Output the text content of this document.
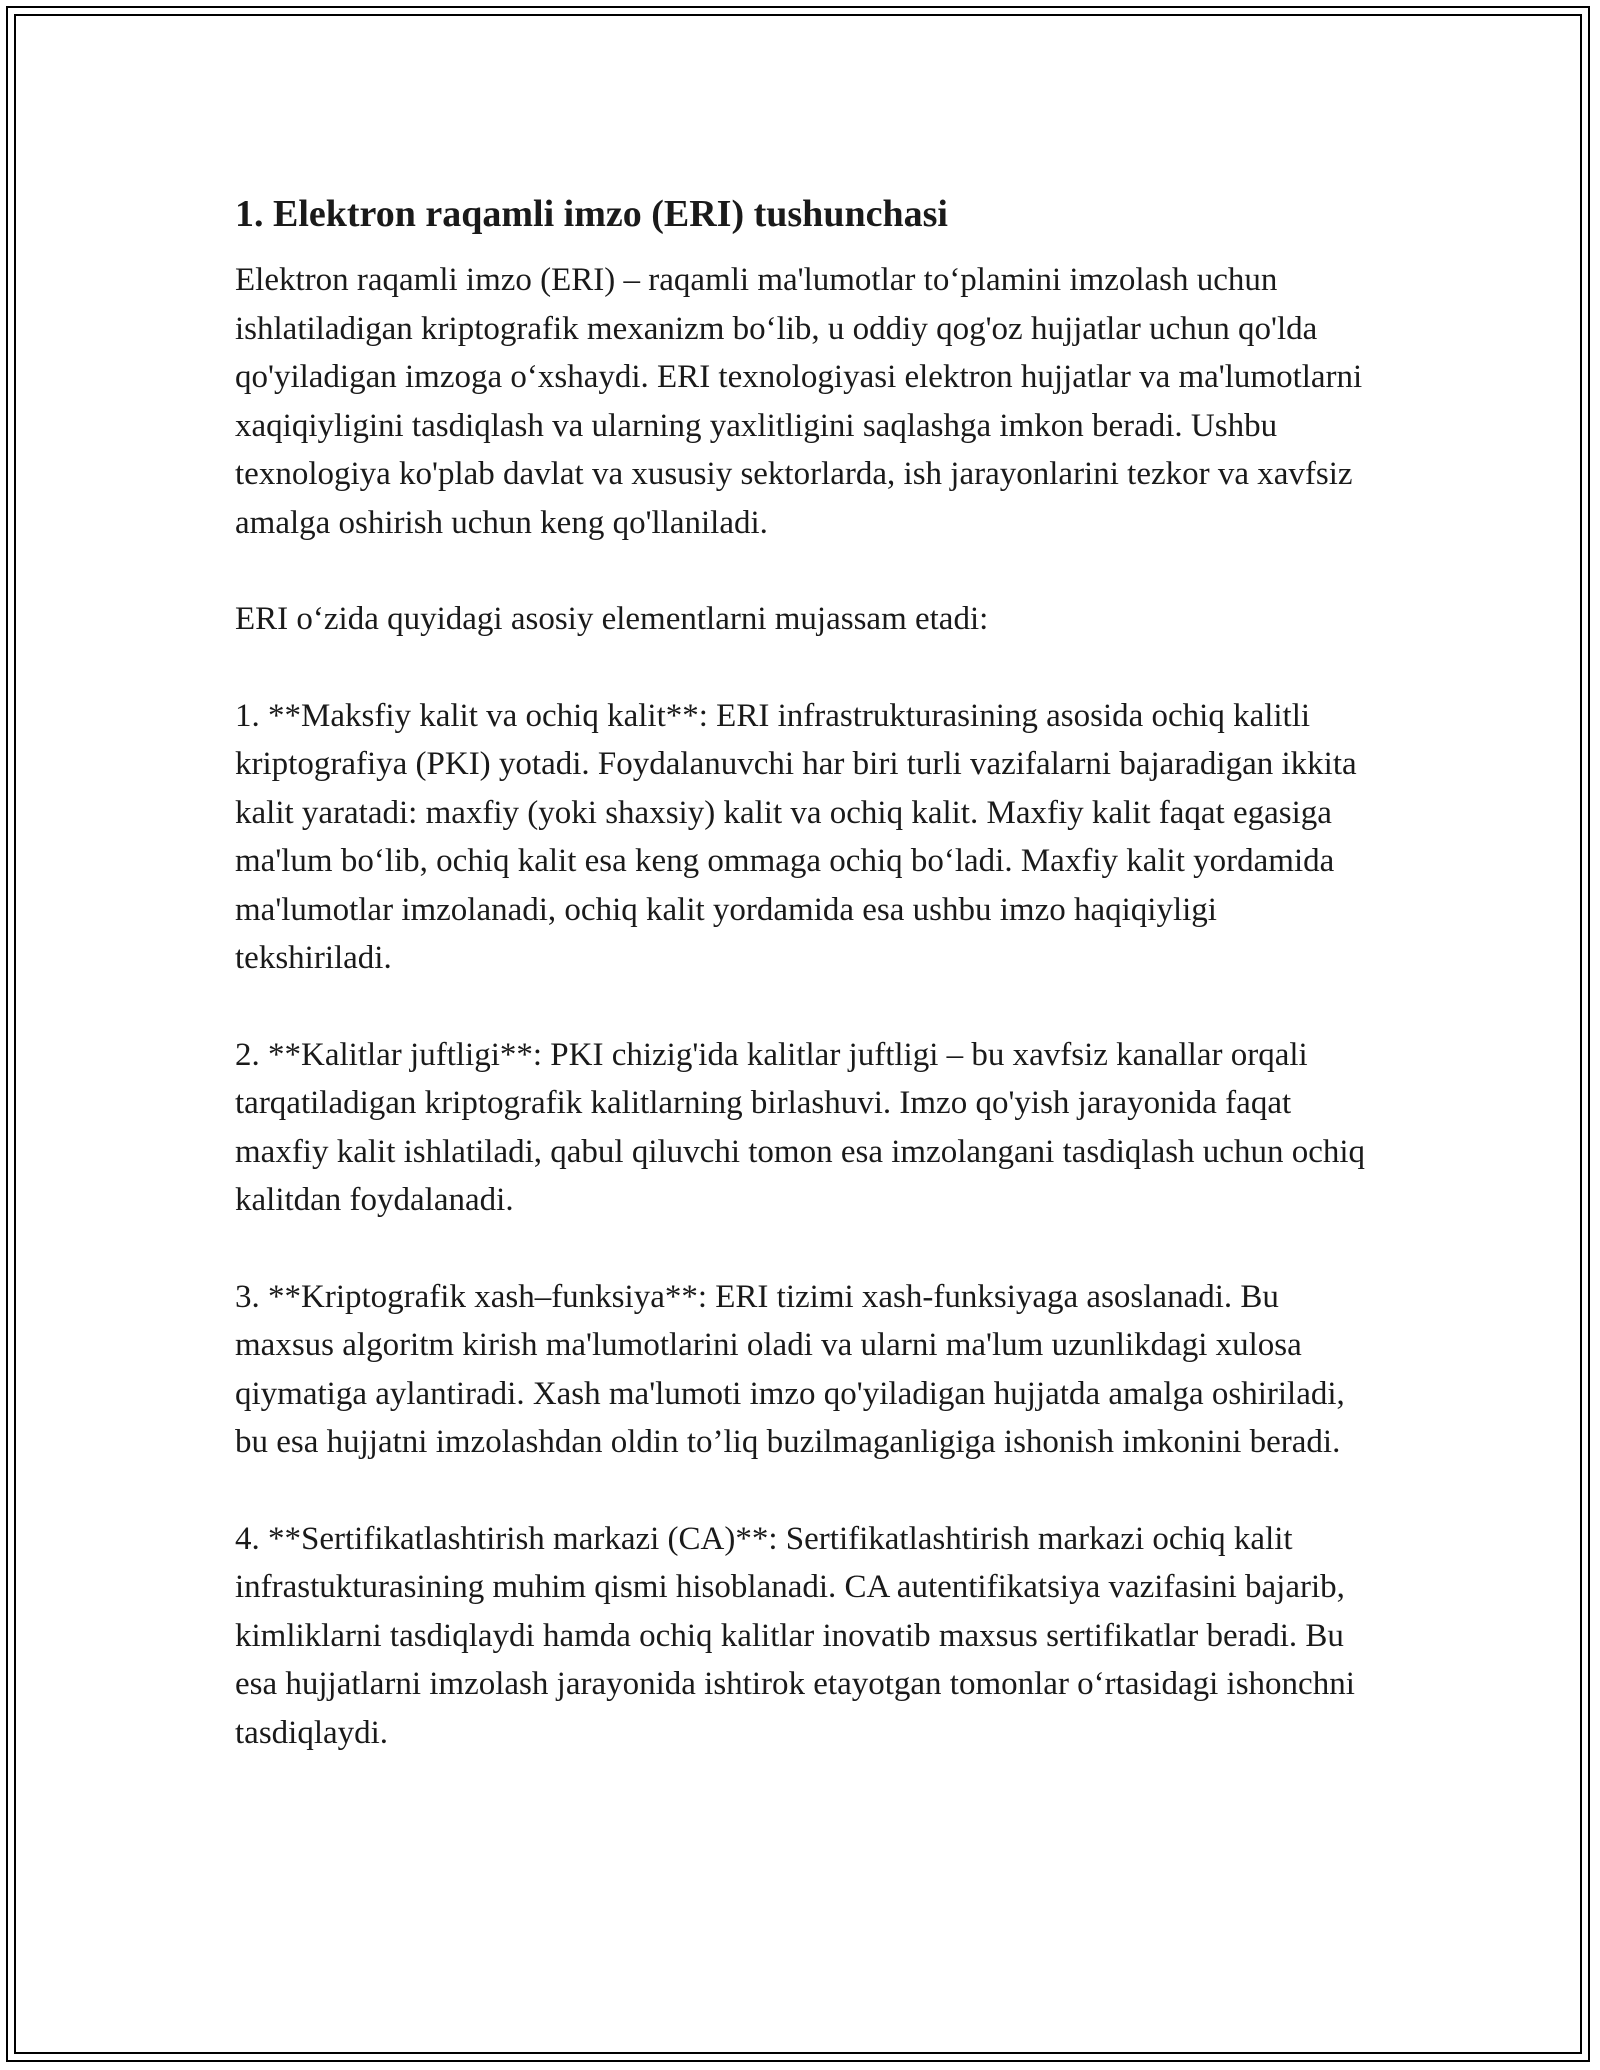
1. Elektron raqamli imzo (ERI) tushunchasi

Elektron raqamli imzo (ERI) – raqamli ma'lumotlar to‘plamini imzolash uchun ishlatiladigan kriptografik mexanizm bo‘lib, u oddiy qog'oz hujjatlar uchun qo'lda qo'yiladigan imzoga o‘xshaydi. ERI texnologiyasi elektron hujjatlar va ma'lumotlarni xaqiqiyligini tasdiqlash va ularning yaxlitligini saqlashga imkon beradi. Ushbu texnologiya ko'plab davlat va xususiy sektorlarda, ish jarayonlarini tezkor va xavfsiz amalga oshirish uchun keng qo'llaniladi.

ERI o‘zida quyidagi asosiy elementlarni mujassam etadi:

1. **Maksfiy kalit va ochiq kalit**: ERI infrastrukturasining asosida ochiq kalitli kriptografiya (PKI) yotadi. Foydalanuvchi har biri turli vazifalarni bajaradigan ikkita kalit yaratadi: maxfiy (yoki shaxsiy) kalit va ochiq kalit. Maxfiy kalit faqat egasiga ma'lum bo‘lib, ochiq kalit esa keng ommaga ochiq bo‘ladi. Maxfiy kalit yordamida ma'lumotlar imzolanadi, ochiq kalit yordamida esa ushbu imzo haqiqiyligi tekshiriladi.

2. **Kalitlar juftligi**: PKI chizig'ida kalitlar juftligi – bu xavfsiz kanallar orqali tarqatiladigan kriptografik kalitlarning birlashuvi. Imzo qo'yish jarayonida faqat maxfiy kalit ishlatiladi, qabul qiluvchi tomon esa imzolangani tasdiqlash uchun ochiq kalitdan foydalanadi.

3. **Kriptografik xash–funksiya**: ERI tizimi xash-funksiyaga asoslanadi. Bu maxsus algoritm kirish ma'lumotlarini oladi va ularni ma'lum uzunlikdagi xulosa qiymatiga aylantiradi. Xash ma'lumoti imzo qo'yiladigan hujjatda amalga oshiriladi, bu esa hujjatni imzolashdan oldin to’liq buzilmaganligiga ishonish imkonini beradi.

4. **Sertifikatlashtirish markazi (CA)**: Sertifikatlashtirish markazi ochiq kalit infrastukturasining muhim qismi hisoblanadi. CA autentifikatsiya vazifasini bajarib, kimliklarni tasdiqlaydi hamda ochiq kalitlar inovatib maxsus sertifikatlar beradi. Bu esa hujjatlarni imzolash jarayonida ishtirok etayotgan tomonlar o‘rtasidagi ishonchni tasdiqlaydi.
